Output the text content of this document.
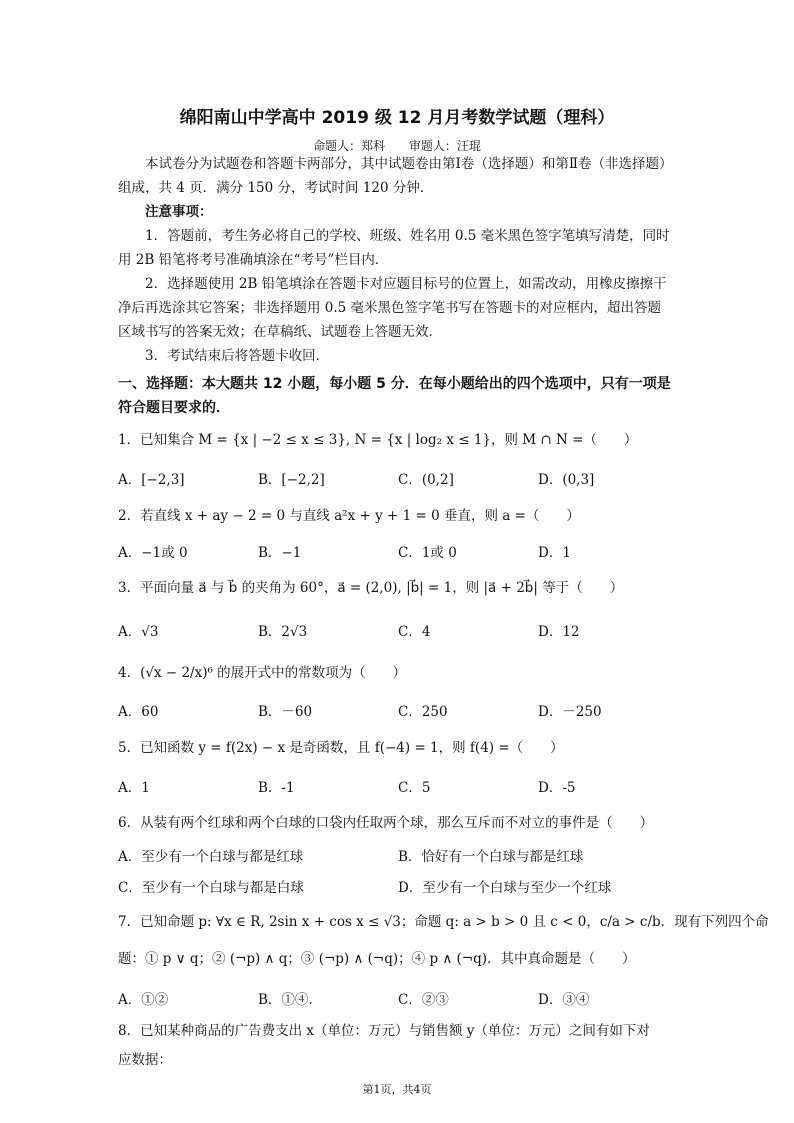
绵阳南山中学高中 2019 级 12 月月考数学试题（理科）
命题人：郑科 审题人：汪琨
本试卷分为试题卷和答题卡两部分，其中试题卷由第Ⅰ卷（选择题）和第Ⅱ卷（非选择题）组成，共 4 页．满分 150 分，考试时间 120 分钟．
注意事项：
1．答题前，考生务必将自己的学校、班级、姓名用 0.5 毫米黑色签字笔填写清楚，同时用 2B 铅笔将考号准确填涂在“考号”栏目内．
2．选择题使用 2B 铅笔填涂在答题卡对应题目标号的位置上，如需改动，用橡皮擦擦干净后再选涂其它答案；非选择题用 0.5 毫米黑色签字笔书写在答题卡的对应框内，超出答题区域书写的答案无效；在草稿纸、试题卷上答题无效．
3．考试结束后将答题卡收回．
一、选择题：本大题共 12 小题，每小题 5 分．在每小题给出的四个选项中，只有一项是符合题目要求的．
1．已知集合 M = {x | −2 ≤ x ≤ 3}, N = {x | log₂ x ≤ 1}，则 M ∩ N =（　　）
A．[−2,3]	B．[−2,2]	C．(0,2]	D．(0,3]
2．若直线 x + ay − 2 = 0 与直线 a²x + y + 1 = 0 垂直，则 a =（　　）
A．−1或 0	B．−1	C．1或 0	D．1
3．平面向量 a⃗ 与 b⃗ 的夹角为 60°，a⃗ = (2,0), |b⃗| = 1，则 |a⃗ + 2b⃗| 等于（　　）
A．√3	B．2√3	C．4	D．12
4．(√x − 2/x)⁶ 的展开式中的常数项为（　　）
A．60	B．－60	C．250	D．－250
5．已知函数 y = f(2x) − x 是奇函数，且 f(−4) = 1，则 f(4) =（　　）
A．1	B．-1	C．5	D．-5
6．从装有两个红球和两个白球的口袋内任取两个球，那么互斥而不对立的事件是（　　）
A．至少有一个白球与都是红球	B．恰好有一个白球与都是红球
C．至少有一个白球与都是白球	D．至少有一个白球与至少一个红球
7．已知命题 p: ∀x ∈ R, 2sin x + cos x ≤ √3；命题 q: a > b > 0 且 c < 0，c/a > c/b．现有下列四个命
题：① p ∨ q；② (¬p) ∧ q；③ (¬p) ∧ (¬q)；④ p ∧ (¬q)．其中真命题是（　　）
A．①②	B．①④.	C．②③	D．③④
8．已知某种商品的广告费支出 x（单位：万元）与销售额 y（单位：万元）之间有如下对
应数据：
第1页，共4页
